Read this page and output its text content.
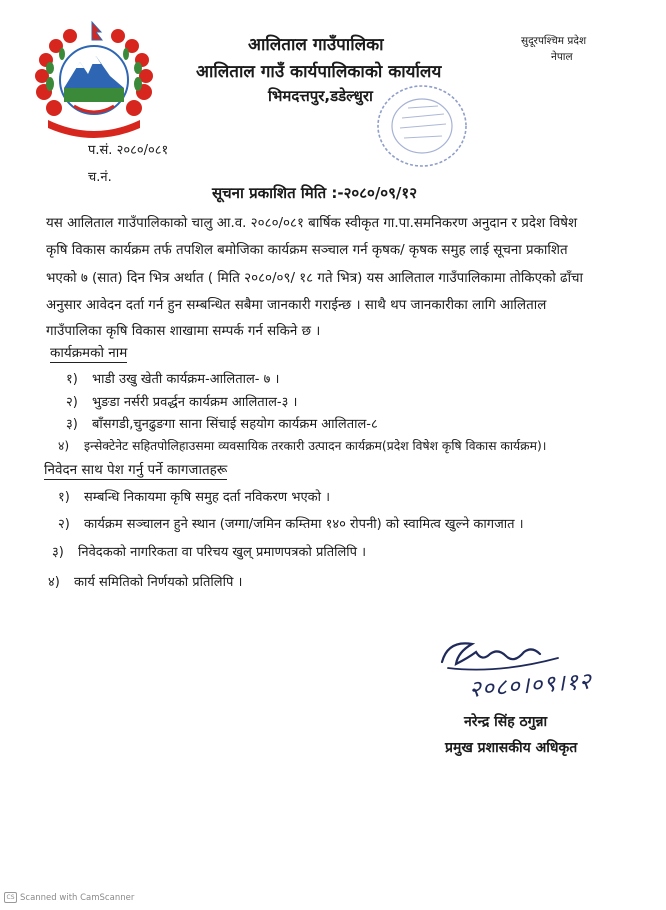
आलिताल गाउँपालिका
आलिताल गाउँ कार्यपालिकाको कार्यालय
भिमदत्तपुर,डडेल्धुरा
सुदूरपश्चिम प्रदेश
नेपाल
प.सं. २०८०/०८१
च.नं.
सूचना प्रकाशित मिति :-२०८०/०९/१२
यस आलिताल गाउँपालिकाको चालु आ.व. २०८०/०८१ बार्षिक स्वीकृत गा.पा.समनिकरण अनुदान र प्रदेश विषेश
कृषि विकास कार्यक्रम तर्फ तपशिल बमोजिका कार्यक्रम सञ्चाल गर्न कृषक/ कृषक समुह लाई सूचना प्रकाशित
भएको ७ (सात) दिन भित्र अर्थात ( मिति २०८०/०९/ १८ गते भित्र) यस आलिताल गाउँपालिकामा तोकिएको ढाँचा
अनुसार आवेदन दर्ता गर्न हुन सम्बन्धित सबैमा जानकारी गराईन्छ । साथै थप जानकारीका लागि आलिताल
गाउँपालिका कृषि विकास शाखामा सम्पर्क गर्न सकिने छ ।
कार्यक्रमको नाम
१) भाडी उखु खेती कार्यक्रम-आलिताल- ७ ।
२) भुङडा नर्सरी प्रवर्द्धन कार्यक्रम आलिताल-३ ।
३) बाँसगडी,चुनढुङगा साना सिंचाई सहयोग कार्यक्रम आलिताल-८
४) इन्सेक्टेनेट सहितपोलिहाउसमा व्यवसायिक तरकारी उत्पादन कार्यक्रम(प्रदेश विषेश कृषि विकास कार्यक्रम)।
निवेदन साथ पेश गर्नु पर्ने कागजातहरू
१) सम्बन्धि निकायमा कृषि समुह दर्ता नविकरण भएको ।
२) कार्यक्रम सञ्चालन हुने स्थान (जग्गा/जमिन कम्तिमा १४० रोपनी) को स्वामित्व खुल्ने कागजात ।
३) निवेदकको नागरिकता वा परिचय खुल् प्रमाणपत्रको प्रतिलिपि ।
४) कार्य समितिको निर्णयको प्रतिलिपि ।
२०८०।०९।१२
नरेन्द्र सिंह ठगुन्ना
प्रमुख प्रशासकीय अधिकृत
CS Scanned with CamScanner
